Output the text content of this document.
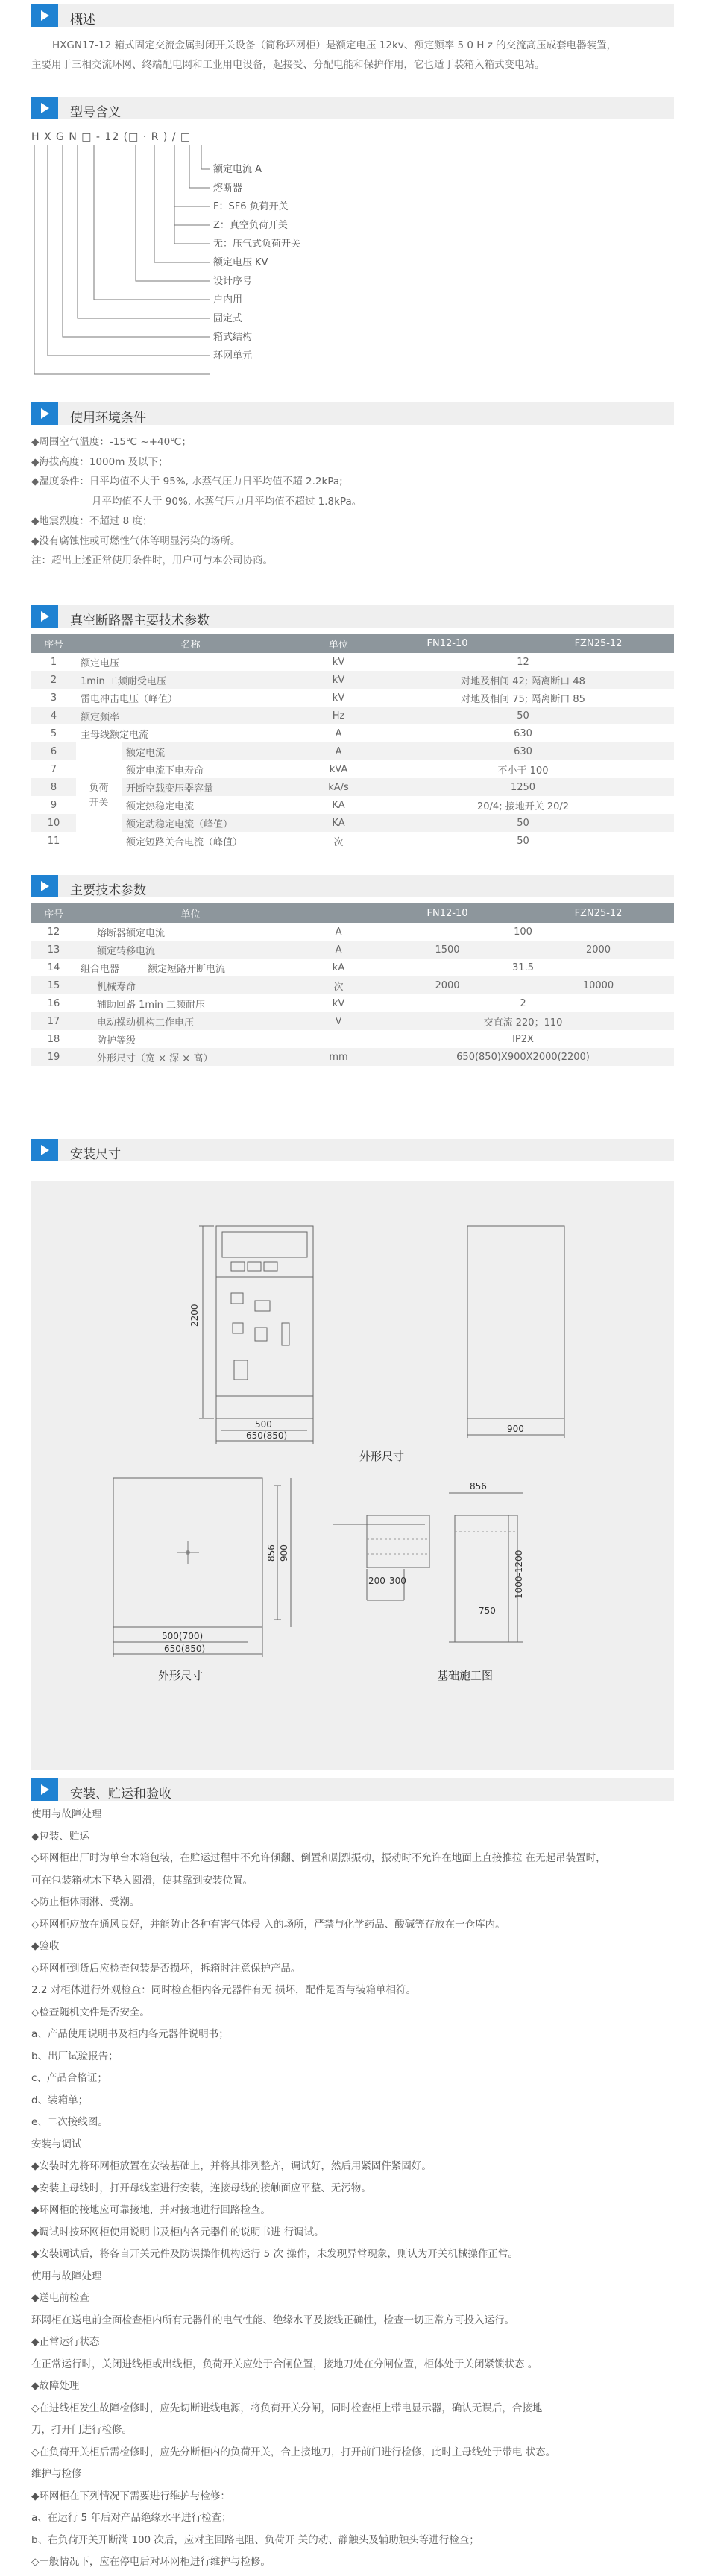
概述
HXGN17-12 箱式固定交流金属封闭开关设备（简称环网柜）是额定电压 12kv、额定频率 5 0 H z 的交流高压成套电器装置，
主要用于三相交流环网、终端配电网和工业用电设备，起接受、分配电能和保护作用，它也适于装箱入箱式变电站。
型号含义
H X G N □ - 12 (□ · R ) / □
额定电流 A
熔断器
F：SF6 负荷开关
Z：真空负荷开关
无：压气式负荷开关
额定电压 KV
设计序号
户内用
固定式
箱式结构
环网单元
使用环境条件
◆周围空气温度：-15℃ ~+40℃；
◆海拔高度：1000m 及以下；
◆湿度条件：日平均值不大于 95%, 水蒸气压力日平均值不超 2.2kPa;
　　　　　　月平均值不大于 90%, 水蒸气压力月平均值不超过 1.8kPa。
◆地震烈度：不超过 8 度；
◆没有腐蚀性或可燃性气体等明显污染的场所。
注：超出上述正常使用条件时，用户可与本公司协商。
真空断路器主要技术参数
序号	名称		单位	FN12-10	FZN25-12
1	额定电压		kV	12	
2	1min 工频耐受电压		kV	对地及相间 42; 隔离断口 48	
3	雷电冲击电压（峰值）		kV	对地及相间 75; 隔离断口 85	
4	额定频率		Hz	50	
5	主母线额定电流		A	630	
6	负荷开关	额定电流	A	630	
7		额定电流下电寿命	kVA	不小于 100	
8		开断空载变压器容量	kA/s	1250	
9		额定热稳定电流	KA	20/4; 接地开关 20/2	
10		额定动稳定电流（峰值）	KA	50	
11		额定短路关合电流（峰值）	次	50	
主要技术参数
序号	单位			FN12-10	FZN25-12
12	熔断器额定电流		A	100	
13	额定转移电流		A	1500	2000
14	组合电器	额定短路开断电流	kA	31.5	
15	机械寿命		次	2000	10000
16	辅助回路 1min 工频耐压		kV	2	
17	电动操动机构工作电压		V	交直流 220；110	
18	防护等级			IP2X	
19	外形尺寸（宽 × 深 × 高）		mm	650(850)X900X2000(2200)	
安装尺寸
2200
500
650(850)
900
外形尺寸
856
200 300
750
1000-1200
500(700)
650(850)
856 900
外形尺寸	基础施工图
安装、贮运和验收
使用与故障处理
◆包装、贮运
◇环网柜出厂时为单台木箱包装，在贮运过程中不允许倾翻、倒置和剧烈振动，振动时不允许在地面上直接推拉 在无起吊装置时，
可在包装箱枕木下垫入圆滑，使其靠到安装位置。
◇防止柜体雨淋、受潮。
◇环网柜应放在通风良好，并能防止各种有害气体侵 入的场所，严禁与化学药品、酸碱等存放在一仓库内。
◆验收
◇环网柜到货后应检查包装是否损坏，拆箱时注意保护产品。
2.2 对柜体进行外观检查：同时检查柜内各元器件有无 损坏，配件是否与装箱单相符。
◇检查随机文件是否安全。
a、产品使用说明书及柜内各元器件说明书；
b、出厂试验报告；
c、产品合格证；
d、装箱单；
e、二次接线图。
安装与调试
◆安装时先将环网柜放置在安装基础上，并将其排列整齐，调试好，然后用紧固件紧固好。
◆安装主母线时，打开母线室进行安装，连接母线的接触面应平整、无污物。
◆环网柜的接地应可靠接地，并对接地进行回路检查。
◆调试时按环网柜使用说明书及柜内各元器件的说明书进 行调试。
◆安装调试后，将各自开关元件及防误操作机构运行 5 次 操作，未发现异常现象，则认为开关机械操作正常。
使用与故障处理
◆送电前检查
环网柜在送电前全面检查柜内所有元器件的电气性能、绝缘水平及接线正确性，检查一切正常方可投入运行。
◆正常运行状态
在正常运行时，关闭进线柜或出线柜，负荷开关应处于合闸位置，接地刀处在分闸位置，柜体处于关闭紧锁状态 。
◆故障处理
◇在进线柜发生故障检修时，应先切断进线电源，将负荷开关分闸，同时检查柜上带电显示器，确认无误后，合接地
刀，打开门进行检修。
◇在负荷开关柜后需检修时，应先分断柜内的负荷开关，合上接地刀，打开前门进行检修，此时主母线处于带电 状态。
维护与检修
◆环网柜在下列情况下需要进行维护与检修：
a、在运行 5 年后对产品绝缘水平进行检查；
b、在负荷开关开断满 100 次后，应对主回路电阻、负荷开 关的动、静触头及辅助触头等进行检查；
◇一般情况下，应在停电后对环网柜进行维护与检修。
